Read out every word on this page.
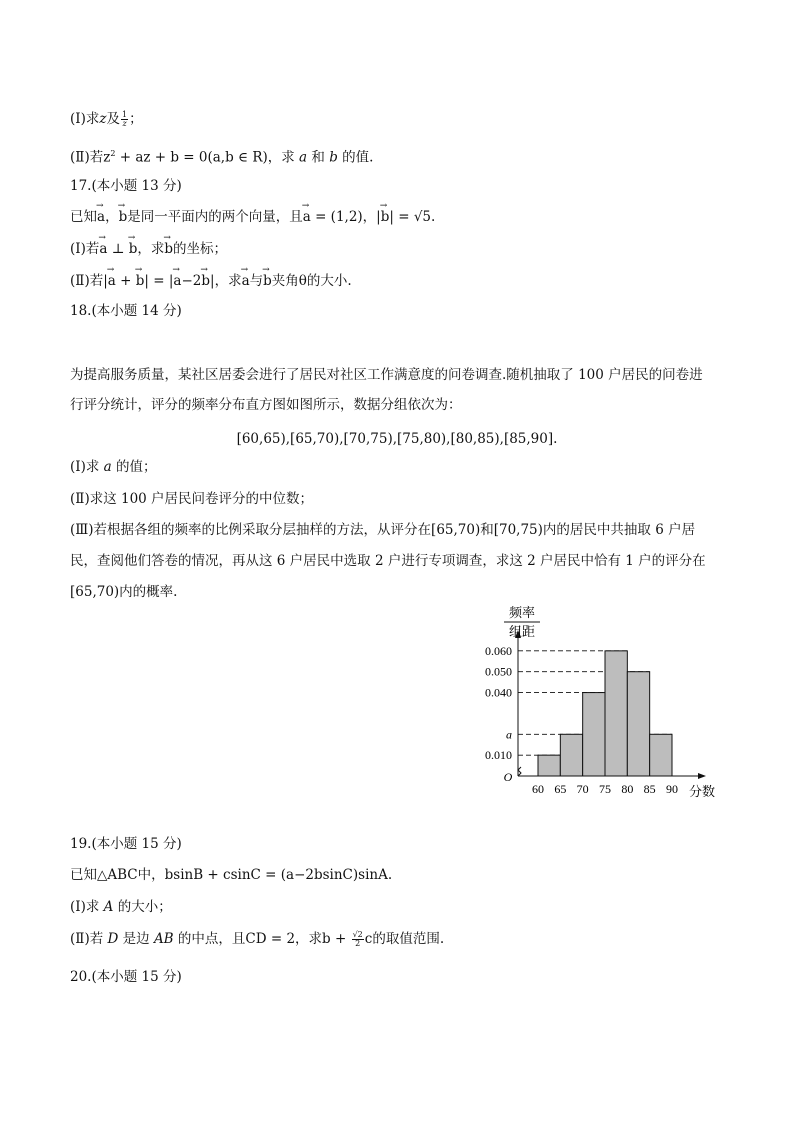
(Ⅰ)求z及 $\frac{1}{z}$ ；
(Ⅱ)若$z^2$ + az + b = 0(a,b ∈ R)，求 a 和 b 的值.
17.(本小题 13 分)
已知→ a，→ b是同一平面内的两个向量，且→ a = (1,2)，|→ b| = √5.
(Ⅰ)若→ a ⊥ → b，求→ b的坐标；
(Ⅱ)若|→ a + → b| = |→ a−2→ b|，求→ a与→ b夹角θ的大小.
18.(本小题 14 分)
为提高服务质量，某社区居委会进行了居民对社区工作满意度的问卷调查.随机抽取了 100 户居民的问卷进
行评分统计，评分的频率分布直方图如图所示，数据分组依次为：
[60,65),[65,70),[70,75),[75,80),[80,85),[85,90].
(Ⅰ)求 a 的值；
(Ⅱ)求这 100 户居民问卷评分的中位数；
(Ⅲ)若根据各组的频率的比例采取分层抽样的方法，从评分在[65,70)和[70,75)内的居民中共抽取 6 户居
民，查阅他们答卷的情况，再从这 6 户居民中选取 2 户进行专项调查，求这 2 户居民中恰有 1 户的评分在
[65,70)内的概率.
0.060
0.050
0.040
a
0.010
60 65 70 75 80 85 90
O
分数
频率
组距
19.(本小题 15 分)
已知△ABC中，bsinB + csinC = (a−2bsinC)sinA.
(Ⅰ)求 A 的大小；
(Ⅱ)若 D 是边 AB 的中点，且CD = 2，求$b + \frac{√2}{2}$ c的取值范围.
20.(本小题 15 分)
